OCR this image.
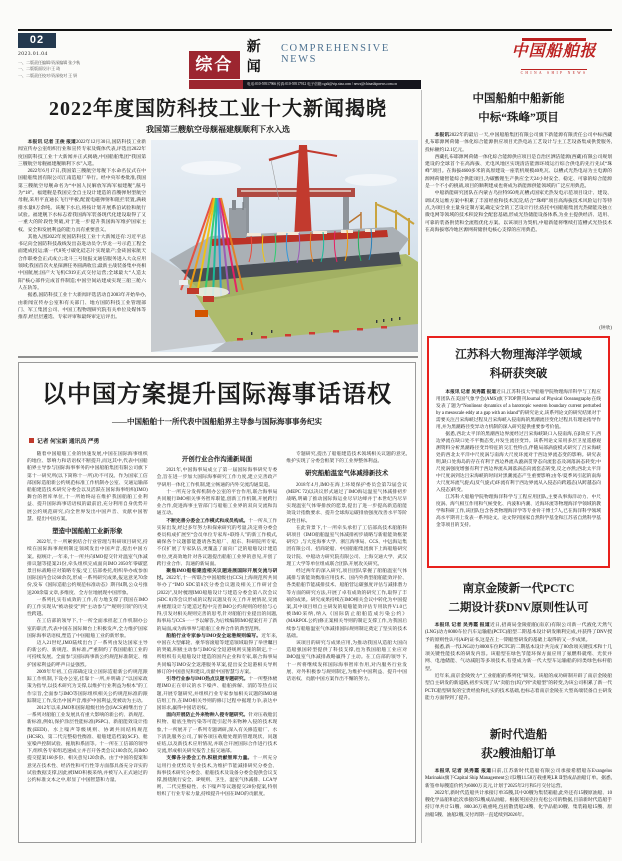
02
2023.01.04
一、二版责任编辑/资深编辑 张少秋
一、二版版面设计/王 琦
一、二版责任校对/资深校对 王 妍
综合
新闻
COMPREHENSIVE NEWS
电话:010-59517966 传真:010-59517912 电子信箱:cgzk@vip.sina.com / news@chinashipnews.com.cn
中国船舶报
CHINA SHIP NEWS
2022年度国防科技工业十大新闻揭晓
我国第三艘航空母舰福建舰顺利下水入选

本报讯 记者 王俊 报道2022年12月30日,国防科技工业新闻宣传办公室组织行业和宣传专家及媒体代表,评选出2022年度国防科技工业十大新闻并正式揭晓,中国船舶集团“我国第三艘航空母舰福建舰顺利下水”入选。

2022年6月17日,我国第三艘航空母舰下水命名仪式在中国船舶集团有限公司江南造船厂举行。经中央军委批准,我国第三艘航空母舰命名为“中国人民解放军海军福建舰”,舷号为“18”。福建舰是我国完全自主设计建造的首艘弹射型航空母舰,采用平直通长飞行甲板,配置电磁弹射和阻拦装置,满载排水量8万余吨。该舰下水后,将按计划开展系泊试验和航行试验。福建舰下水标志着我国海军装备现代化建设取得了又一重大的阶段性突破,对于进一步提升我国海军维护国家主权、安全和发展利益的能力具有重要意义。

其他入围2022年度国防科技工业十大新闻还有:习近平总书记向全国防科技战线发出奋进动员令;华龙一号示范工程全面建成投运;新一代8英寸碳化硅芯片实现量产;金砖国家航天合作联委会正式成立;北斗三号短报文通信服务进入大众应用领域;我国首次火星探测任务圆满收官;最新主战装备集中亮相中国航展;国产大飞机C919正式交付运营;全球最大“人造太阳”核心部件完成首件制造;中国空间站建成实现三船三舱六人在轨等。

据悉,国防科技工业十大新闻评选活动自2003年开始举办,由新闻宣传办公室和有关部门、地方国防科技工业管理部门、军工集团公司、中国工程物理研究院有关单位及媒体等推荐,经层层遴选、专家评审和最终审定后评出。

以中国方案提升国际海事话语权
——中国船舶十一所代表中国船舶界主导参与国际海事事务纪实
记者 何宝新 通讯员 严勇

随着中国船舶工业的快速发展,中国在国际海事组织的地位、影响力和话语权不断提升,而这其中,代表中国船舶界主导参与国际海事事务的中国船舶集团有限公司旗下第十一研究所(以下简称十一所)功不可没。作为国家工信部国际造船新公约规范标准工作机制办公室、交通运输部船舶建造技术研究分委会以及活跃在国际海事组织(IMO)舞台的智库单位,十一所始终站在维护我国船舶工业利益、提升国际海事话语权的最前沿,充分利用自身优势开展公约规范研究,向全世界发出中国声音、贡献中国智慧、提出中国方案。

塑造中国船舶工业新形象

2022年,十一所紧密结合行业管理与科研项目研究,持续在国际海事规则制定领域发出中国声音,提出中国方案。据统计,一年来,十一所共向IMO提交针对温室气体减排议题等提案21份,牵头组织完成面向IMO 2050年零碳愿景目标战略应对策略专报;受工信部委托,组织举办或参加国际国内会议60余次,形成一系列研究成果,报送意见70余份,发布《国际造船公约规范标准动态》期刊4期,公众号推送200余篇文章,多维度、全方位地展现中国形象。

一系列扎实有成效的工作,有力地支撑了我国在IMO的工作实现从“被动接受”到“主动参与”“规则引领”的历史性跨越。

在工信部的领导下,十一所全面承担起工作机制办公室的职责,代表中国在国际舞台上积极发声,全力维护国家国际海事话语权,塑造了中国船舶工业的新形象。

迈入21世纪,IMO陆续出台了一系列由发达国家主导的新公约、新规范、新标准,严重制约了我国船舶工业的可持续发展。全面参与国际海事新公约规范标准制定、维护国家利益的呼声日益强烈。

2009年年初,工信部确定设立国际造船新公约规范跟踪工作机制,下设办公室,挂靠十一所,并明确了“以国家政策为指导,以技术研究为支撑,以维护行业利益为根本”的工作宗旨,全面参与IMO等国际组织相关公约规范标准的跟踪制定工作,发出中国声音,维护中国利益,变被动为主动。

2012年以来,IMO和国际船级社协会(IACS)相继出台了一系列对船舶工业发展具有重大影响的新公约、新规范、新标准,例如,保护涂层性能标准(PSPC)、新船能效设计指数(EEDI)、水上噪声等级规则、协调共同结构规范(HCSR)、第二代完整稳性衡准、船舶建造档案(SCF)、舱室噪声控制试验、拖航和系固等。十一所在工信部的领导下,组织各专家组迅速成立并召开各类会议100余次,向IMO提交提案160多份、相关意见120余条。由于中国的提案和意见在技术性、经济性和可行性等方面都具备充分详实的试验数据支撑,因此被IMO积极采纳,并被写入正式通过的公约标准文本之中,彰显了中国智慧和力量。

开创行业合作沟通新局面

2021年,中国海事局成立了第一届国际海事研究专委会,旨在进一步加大国际海事研究工作力度,建立完善政产学研用一体化工作机制,建立畅通的内外交流沟通渠道。

十一所充分发挥机制办公室的平台作用,联合海事局共同履行IMO相关事务智库职能,创新工作机制,开展跨行业合作,促进海事主管部门与船舶工业界的双向交流和沟通互动。

不断完善分委会工作模式和成员构成。十一所从工作实际出发,经过多年努力和探索研究的考量,决定将分委会委员构成扩展至“会员单位专家库+联络人”的新工作模式,确保各个议题都能邀请各类船厂、船东、科研院所专家,不仅扩展了专家队伍,更覆盖了面向广泛的船舶设计建造单位,更高效地针对各议题提出船舶工业界的意见,开创了跨行业合作、沟通的新局面。

聚焦IMO船舶建造相关议题进展国际开展交流与研讨。2022年,十一所联合中国船级社(CCS)上海规范所共同举办了“IMO SDC第8次分委会议题及相关工作研讨会(2022)”,及时梳理IMO船舶设计与建造分委会第八次会议(SDC 8)等会议形成的议程议题及有关工作开展情况,交流并梳理设计与建造过程中完善IMO公约规则的经验与心得,引发对相关规则完善的思考,针对船舶行业提出的问题,海事局与CCS一一予以解答,为后续编制IMO提案打开了新的局面,成为海事界与船舶工业界合作的典型范例。

船舶行业专家参与IMO安全返港规则编写。近年来,中国在大型邮轮、豪华客滚船等建造领域取得了举世瞩目的突破,积极主动参与IMO安全返港规则实施的制定,十一所组织有关船舶设计建造的国内企业和专家,联合海事局共同编写IMO安全返港服务草案,提出安全返港相关导则修订的中国意见和建议,贡献中国智慧与方案。

引导行业参与IMO热点议题专题研究。十一所整体梳理IMO正在审议的水下噪声、船舶拆解、消防等热点议题,开展专题研究,并组织行业专家参加相关议题的IMO通信组工作,在IMO相关导则的修订过程中据理力争,表达中国诉求,赢得中国话语权。

面向开展防止外来物种入侵专题研究。针对压载舱沉积物、船底生物污染等可能引起外来物种入侵的技术现象,十一所展开了一系列专题调研,深入有关修造船厂、水下清洗服务公司,了解各项压载舱处理的管理现状、问题症结,以及新技术应用情况,并联合开展国际合作进行技术交流,形成相关研究报告上报交通部。

支撑各分委会工作,积极贡献智库力量。十一所充分运用行业优势及专业技术,为维护节能减排研究分委会、海事技术研究分委会、船舶技术及设备分委会提供会议支撑,围绕航行安全、IP规则、卫生、温室气体减排、LCA导则、二代完整稳性、水下噪声等议题提交28份提案,特别组织了行业专家力量,持续提升中国在IMO的贡献度。

专题研究,提出了船舶建造技术领域相关议题的意见,维护实现了分委会框架下的工业界整体利益。

研究船舶温室气体减排新技术

2018年4月,IMO在海上环境保护委员会第72届会议(MEPC 72)以决议形式通过了IMO海运温室气体减排初步战略,明确了推动国际海运业尽早达峰并于本世纪内尽早实现温室气体零排放的愿景,提出了进一步提高新造船能效设计指数要求、提升全球海运碳排放强度改善水平等阶段性目标。

在此背景下,十一所牵头承担了工信部高技术船舶科研项目《IMO船舶温室气体减排初步战略与新船能效框架研究》,与大连海事大学、浙江海事局、CCS、中远海运集团有限公司、招商轮船、中国船舶集团旗下上海船舶研究设计院、中船动力研究院有限公司、上海交通大学、武汉理工大学等单位组成联合团队开展攻关研究。

经过两年的深入研究,项目团队掌握了船舶温室气体减排与新能效衡准应用技术、国内外典型船舶能效评价、各类船舶节能减排技术、船舶营运碳强度评估与减排潜力等方面的研究方法,开展了卓有成效的研究工作,取得了丰硕的成果。研究成果持续在IMO相关会议中转化为中国提案,其中项目组自主研发的船舶能效评估专用软件V1.0已被IMO采纳,纳入《国际防止船舶造成污染公约》(MARPOL公约)修正案相关导则的制定支撑工作,为我国后续参与船舶温室气体减排国际规则制定奠定了坚实的技术基础。

该项目的研究与成果应用,为推动我国从造船大国向造船强国转型提供了科技支撑,也为我国船舶工业应对IMO温室气体减排战略赢得了主动。在工信部的领导下,十一所将继续发挥国际海事智库作用,对内服务行业发展、对外积极参与规则制定,为维护中国利益、提升中国话语权、贡献中国方案作出不懈的努力。

中国船舶中船新能
中标“珠峰”项目

本报讯2022年的最后一天,中国船舶集团有限公司旗下新能源有限责任公司中标西藏扎布耶源网荷储一体化综合能源供应项目光热电站工艺设计与主工艺设备集成供货服务,投标额约12.1亿元。

西藏扎布耶源网荷储一体化综合能源供应项目是自治区洒洁能源(西藏)有限公司规划建设的全球首个在高海拔、光电风地区实现清洁能源环境运行综合供电的先行先试“珠峰”项目。在海拔4600多米的高原建设一座装机规模40兆瓦、以槽式光热电站为主电源的源网荷储智能综合供能项目,为碳酸锂生产供应全天24小时安全、稳定、可靠的综合能源是一个不小的挑战,项目的顺利建成也将成为新能源供能领域的广泛应用典范。

中船新能研究团队在内蒙古乌拉特950兆瓦槽式国家光热发电示范项目设计、建设、调试及运维方案中积累了丰富经验和技术沉淀,结合“珠峰”项目高海拔技术风险运行等特点,为项目业主量身定制方案,确定安全的工艺设计行径;依托中国船舶集团光热储能及独立微电网等领域的技术积淀和全配套基础,形成光热储能设备体系,为业主提供经济、适用、可靠的装备供货和全流程优化方案。以该项目为契机,中船新能将继续打造槽式光热技术在高海拔寒冷地区源网荷储供电核心支撑的应用典范。

(钟欣)
江苏科大物理海洋学领域
科研获突破

本报讯 记者 吴秀霞 报道近日,江苏科技大学船舶学院物理海洋科学与工程应用团队在美国气象学会(AMS)旗下TOP期刊Journal of Physical Oceanography在线发表了题为“Nonlinear dynamics of a barotropic western boundary current perturbed by a mesoscale eddy at a gap with an island”的研究论文,该系列论文的研究结果对于需要关注吕宋海峡过程及吕宋海峡入侵南海的黑潮流径变化过程具有理论指导作用,并为黑潮路径变异动力机制的深入研究提供重要参考价值。

据悉,西北太平洋的黑潮西边界流经过吕宋海峡缺口入侵南海,在β效应下,西边界流在缺口处不平衡态变,并发生流径变异。该系列论文采用多层卫星遥感观测资料分析黑潮路径变异特征的交汇性特点,伴随局部涡旋模式研究了吕宋海峡处的西北太平洋中尺度涡与南海大尺度环流对于西边界流态变的影响。研究表明,缺口处海岛的存在有利于西边界流从漩涡贯穿态向流套态及凋落涡态转变;中尺度涡强度增强有利于西边界流从凋落涡态向流套态转变,反之亦然;西北太平洋中尺度涡到达吕宋海峡的时间对黑潮流态产生重要影响;由冬/夏季风引起的南海大尺度环流气旋式(反气旋式)环流有利于西边界流从入侵态向跨越态(从跨越态向入侵态)转变。

江苏科大船舶学院物理海洋科学与工程应用团队,主要从事海洋动力、中尺度涡、海气相互作用和气候变化、内波和内潮、近海环流等物理海洋学领域的教学和科研工作,该团队包含各类物理海洋学等专业骨干博士7人,已在海洋科学领域高水平期刊上发表一系列论文。论文得到国家自然科学基金和江苏省自然科学基金等项目的支持。

南京金陵新一代PCTC
二期设计获DNV原则性认可

本报讯 记者 吴秀霞 报道近日,招商局金陵船舶(南京)有限公司新一代液化天然气(LNG)动力8000车位汽车运输船(PCTC)船型二期基本设计研发顺利完成,并获得了DNV授予的原则性认可(AiP)证书,这是在上一期船型研发的基础上取得的又一步成果。

据悉,新一代LNG动力8000车位PCTC的二期基本设计共完成了80余项关键技术和十几项关键性能技术的研发内容。该船型在绿色节能环保方面应用了氨燃料就绪、光伏并网、电池储能、气动减阻等多项技术,有望成为新一代大型车运输船的同类绿色标杆船型。

近年来,南京金陵致力“工业船舶的系列化”研发。该船的成功研制开辟了南京金陵船型自主研发的新道路,初步实现了从“卖船台(坞)”到“卖船型”的转变,为该公司积累了新一代PCTC船型研发的宝贵经验和扎实的技术基础,也标志着南京金陵在大型高端装备自主研发能力方面得到了提升。

新时代造船
获2艘油船订单

本报讯 记者 吴秀霞 报道日前,江苏新时代造船有限公司承接希腊船东Evangelos Marinakis旗下Capital Ship Management公司2艘11.58万载重吨LR Ⅱ型成品油船订单。据悉,新签单每艘造价约为6000万美元,计划于2025年2月和5月交付运营。

2022年,新时代造船共计承接订单35艘,其中20艘为集装箱船,此外还有15艘原油船、10艘化学品船和此次承接的2艘成品油船。根据英国克拉克松公司的数据,目前新时代造船手持订单共计51艘、800.36万载重吨,包括散货船24艘、化学品船10艘、集装箱船15艘、原油船5艘、油船2艘,交付周期一直延续到2026年。
